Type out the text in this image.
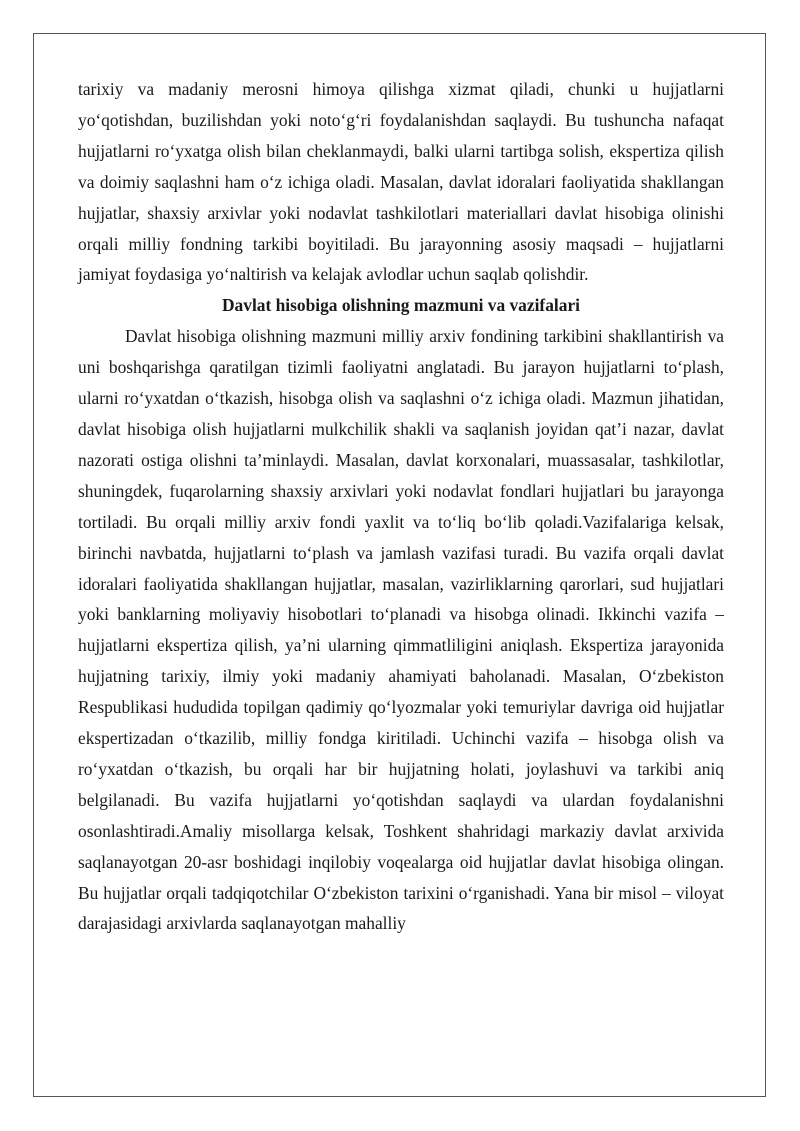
tarixiy va madaniy merosni himoya qilishga xizmat qiladi, chunki u hujjatlarni yo‘qotishdan, buzilishdan yoki noto‘g‘ri foydalanishdan saqlaydi. Bu tushuncha nafaqat hujjatlarni ro‘yxatga olish bilan cheklanmaydi, balki ularni tartibga solish, ekspertiza qilish va doimiy saqlashni ham o‘z ichiga oladi. Masalan, davlat idoralari faoliyatida shakllangan hujjatlar, shaxsiy arxivlar yoki nodavlat tashkilotlari materiallari davlat hisobiga olinishi orqali milliy fondning tarkibi boyitiladi. Bu jarayonning asosiy maqsadi – hujjatlarni jamiyat foydasiga yo‘naltirish va kelajak avlodlar uchun saqlab qolishdir.

Davlat hisobiga olishning mazmuni va vazifalari

Davlat hisobiga olishning mazmuni milliy arxiv fondining tarkibini shakllantirish va uni boshqarishga qaratilgan tizimli faoliyatni anglatadi. Bu jarayon hujjatlarni to‘plash, ularni ro‘yxatdan o‘tkazish, hisobga olish va saqlashni o‘z ichiga oladi. Mazmun jihatidan, davlat hisobiga olish hujjatlarni mulkchilik shakli va saqlanish joyidan qat’i nazar, davlat nazorati ostiga olishni ta’minlaydi. Masalan, davlat korxonalari, muassasalar, tashkilotlar, shuningdek, fuqarolarning shaxsiy arxivlari yoki nodavlat fondlari hujjatlari bu jarayonga tortiladi. Bu orqali milliy arxiv fondi yaxlit va to‘liq bo‘lib qoladi.Vazifalariga kelsak, birinchi navbatda, hujjatlarni to‘plash va jamlash vazifasi turadi. Bu vazifa orqali davlat idoralari faoliyatida shakllangan hujjatlar, masalan, vazirliklarning qarorlari, sud hujjatlari yoki banklarning moliyaviy hisobotlari to‘planadi va hisobga olinadi. Ikkinchi vazifa – hujjatlarni ekspertiza qilish, ya’ni ularning qimmatliligini aniqlash. Ekspertiza jarayonida hujjatning tarixiy, ilmiy yoki madaniy ahamiyati baholanadi. Masalan, O‘zbekiston Respublikasi hududida topilgan qadimiy qo‘lyozmalar yoki temuriylar davriga oid hujjatlar ekspertizadan o‘tkazilib, milliy fondga kiritiladi. Uchinchi vazifa – hisobga olish va ro‘yxatdan o‘tkazish, bu orqali har bir hujjatning holati, joylashuvi va tarkibi aniq belgilanadi. Bu vazifa hujjatlarni yo‘qotishdan saqlaydi va ulardan foydalanishni osonlashtiradi.Amaliy misollarga kelsak, Toshkent shahridagi markaziy davlat arxivida saqlanayotgan 20-asr boshidagi inqilobiy voqealarga oid hujjatlar davlat hisobiga olingan. Bu hujjatlar orqali tadqiqotchilar O‘zbekiston tarixini o‘rganishadi. Yana bir misol – viloyat darajasidagi arxivlarda saqlanayotgan mahalliy
